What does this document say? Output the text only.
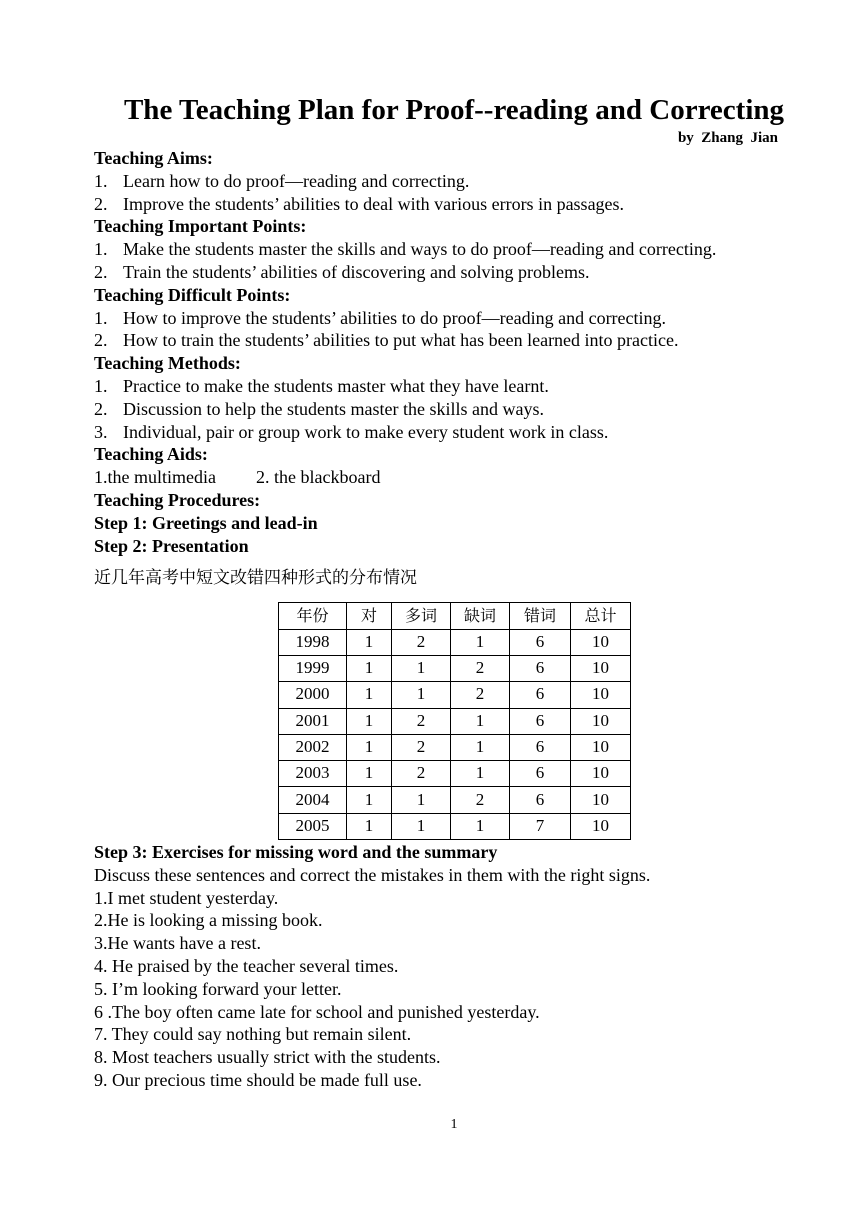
The Teaching Plan for Proof--reading and Correcting
by  Zhang  Jian

Teaching Aims:

1. Learn how to do proof—reading and correcting.

2. Improve the students’ abilities to deal with various errors in passages.

Teaching Important Points:

1. Make the students master the skills and ways to do proof—reading and correcting.

2. Train the students’ abilities of discovering and solving problems.

Teaching Difficult Points:

1. How to improve the students’ abilities to do proof—reading and correcting.

2. How to train the students’ abilities to put what has been learned into practice.

Teaching Methods:

1. Practice to make the students master what they have learnt.

2. Discussion to help the students master the skills and ways.

3. Individual, pair or group work to make every student work in class.

Teaching Aids:

1.the multimedia 2. the blackboard

Teaching Procedures:

Step 1: Greetings and lead-in

Step 2: Presentation

近几年高考中短文改错四种形式的分布情况

年份	对	多词	缺词	错词	总计
1998	1	2	1	6	10
1999	1	1	2	6	10
2000	1	1	2	6	10
2001	1	2	1	6	10
2002	1	2	1	6	10
2003	1	2	1	6	10
2004	1	1	2	6	10
2005	1	1	1	7	10

Step 3: Exercises for missing word and the summary

Discuss these sentences and correct the mistakes in them with the right signs.

1.I met student yesterday.

2.He is looking a missing book.

3.He wants have a rest.

4. He praised by the teacher several times.

5. I’m looking forward your letter.

6 .The boy often came late for school and punished yesterday.

7. They could say nothing but remain silent.

8. Most teachers usually strict with the students.

9. Our precious time should be made full use.

1
